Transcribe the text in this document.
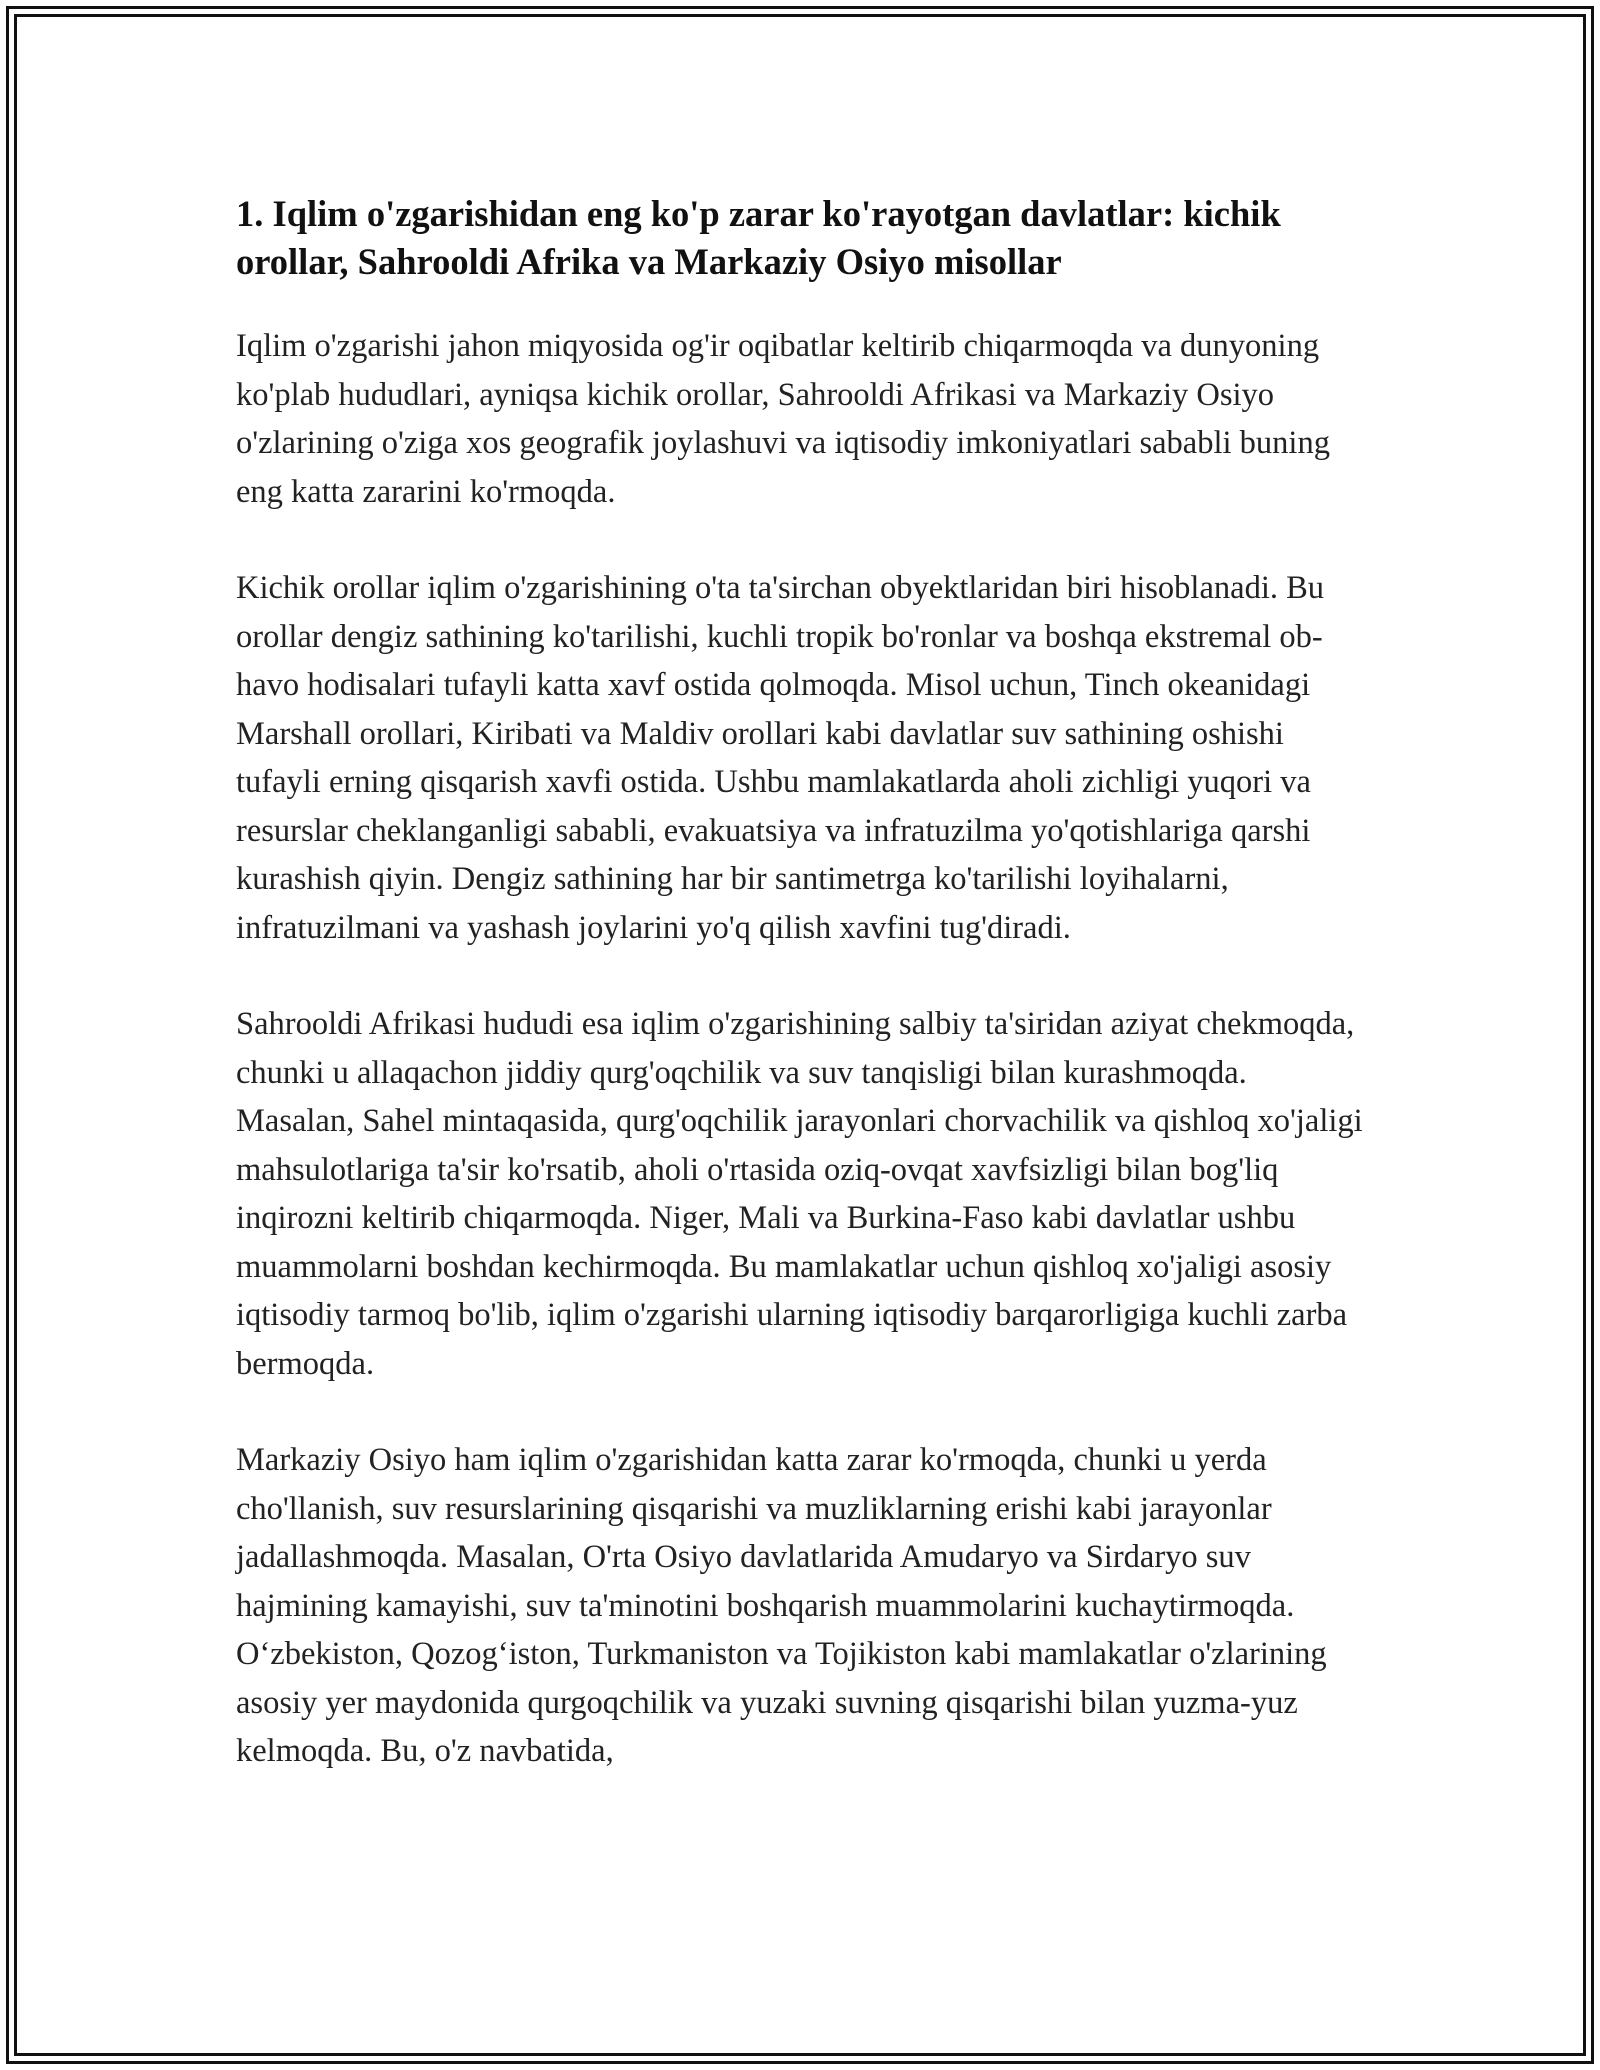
1. Iqlim o'zgarishidan eng ko'p zarar ko'rayotgan davlatlar: kichik orollar, Sahrooldi Afrika va Markaziy Osiyo misollar

Iqlim o'zgarishi jahon miqyosida og'ir oqibatlar keltirib chiqarmoqda va dunyoning ko'plab hududlari, ayniqsa kichik orollar, Sahrooldi Afrikasi va Markaziy Osiyo o'zlarining o'ziga xos geografik joylashuvi va iqtisodiy imkoniyatlari sababli buning eng katta zararini ko'rmoqda.

Kichik orollar iqlim o'zgarishining o'ta ta'sirchan obyektlaridan biri hisoblanadi. Bu orollar dengiz sathining ko'tarilishi, kuchli tropik bo'ronlar va boshqa ekstremal ob-havo hodisalari tufayli katta xavf ostida qolmoqda. Misol uchun, Tinch okeanidagi Marshall orollari, Kiribati va Maldiv orollari kabi davlatlar suv sathining oshishi tufayli erning qisqarish xavfi ostida. Ushbu mamlakatlarda aholi zichligi yuqori va resurslar cheklanganligi sababli, evakuatsiya va infratuzilma yo'qotishlariga qarshi kurashish qiyin. Dengiz sathining har bir santimetrga ko'tarilishi loyihalarni, infratuzilmani va yashash joylarini yo'q qilish xavfini tug'diradi.

Sahrooldi Afrikasi hududi esa iqlim o'zgarishining salbiy ta'siridan aziyat chekmoqda, chunki u allaqachon jiddiy qurg'oqchilik va suv tanqisligi bilan kurashmoqda. Masalan, Sahel mintaqasida, qurg'oqchilik jarayonlari chorvachilik va qishloq xo'jaligi mahsulotlariga ta'sir ko'rsatib, aholi o'rtasida oziq-ovqat xavfsizligi bilan bog'liq inqirozni keltirib chiqarmoqda. Niger, Mali va Burkina-Faso kabi davlatlar ushbu muammolarni boshdan kechirmoqda. Bu mamlakatlar uchun qishloq xo'jaligi asosiy iqtisodiy tarmoq bo'lib, iqlim o'zgarishi ularning iqtisodiy barqarorligiga kuchli zarba bermoqda.

Markaziy Osiyo ham iqlim o'zgarishidan katta zarar ko'rmoqda, chunki u yerda cho'llanish, suv resurslarining qisqarishi va muzliklarning erishi kabi jarayonlar jadallashmoqda. Masalan, O'rta Osiyo davlatlarida Amudaryo va Sirdaryo suv hajmining kamayishi, suv ta'minotini boshqarish muammolarini kuchaytirmoqda. O‘zbekiston, Qozog‘iston, Turkmaniston va Tojikiston kabi mamlakatlar o'zlarining asosiy yer maydonida qurgoqchilik va yuzaki suvning qisqarishi bilan yuzma-yuz kelmoqda. Bu, o'z navbatida,
